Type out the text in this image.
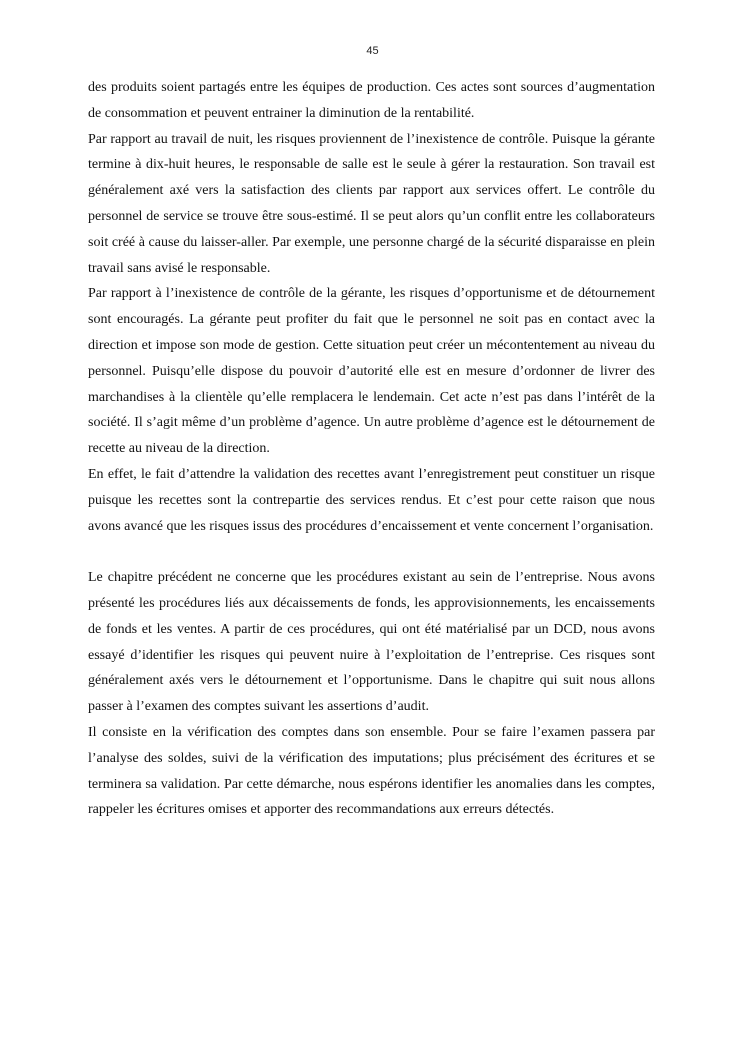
45

des produits soient partagés entre les équipes de production. Ces actes sont sources d’augmentation de consommation et peuvent entrainer la diminution de la rentabilité.

Par rapport au travail de nuit, les risques proviennent de l’inexistence de contrôle. Puisque la gérante termine à dix-huit heures, le responsable de salle est le seule à gérer la restauration. Son travail est généralement axé vers la satisfaction des clients par rapport aux services offert. Le contrôle du personnel de service se trouve être sous-estimé. Il se peut alors qu’un conflit entre les collaborateurs soit créé à cause du laisser-aller. Par exemple, une personne chargé de la sécurité disparaisse en plein travail sans avisé le responsable.

Par rapport à l’inexistence de contrôle de la gérante, les risques d’opportunisme et de détournement sont encouragés. La gérante peut profiter du fait que le personnel ne soit pas en contact avec la direction et impose son mode de gestion. Cette situation peut créer un mécontentement au niveau du personnel. Puisqu’elle dispose du pouvoir d’autorité elle est en mesure d’ordonner de livrer des marchandises à la clientèle qu’elle remplacera le lendemain. Cet acte n’est pas dans l’intérêt de la société. Il s’agit même d’un problème d’agence. Un autre problème d’agence est le détournement de recette au niveau de la direction.

En effet, le fait d’attendre la validation des recettes avant l’enregistrement peut constituer un risque puisque les recettes sont la contrepartie des services rendus. Et c’est pour cette raison que nous avons avancé que les risques issus des procédures d’encaissement et vente concernent l’organisation.

Le chapitre précédent ne concerne que les procédures existant au sein de l’entreprise. Nous avons présenté les procédures liés aux décaissements de fonds, les approvisionnements, les encaissements de fonds et les ventes. A partir de ces procédures, qui ont été matérialisé par un DCD, nous avons essayé d’identifier les risques qui peuvent nuire à l’exploitation de l’entreprise. Ces risques sont généralement axés vers le détournement et l’opportunisme. Dans le chapitre qui suit nous allons passer à l’examen des comptes suivant les assertions d’audit.

Il consiste en la vérification des comptes dans son ensemble. Pour se faire l’examen passera par l’analyse des soldes, suivi de la vérification des imputations; plus précisément des écritures et se terminera sa validation. Par cette démarche, nous espérons identifier les anomalies dans les comptes, rappeler les écritures omises et apporter des recommandations aux erreurs détectés.
